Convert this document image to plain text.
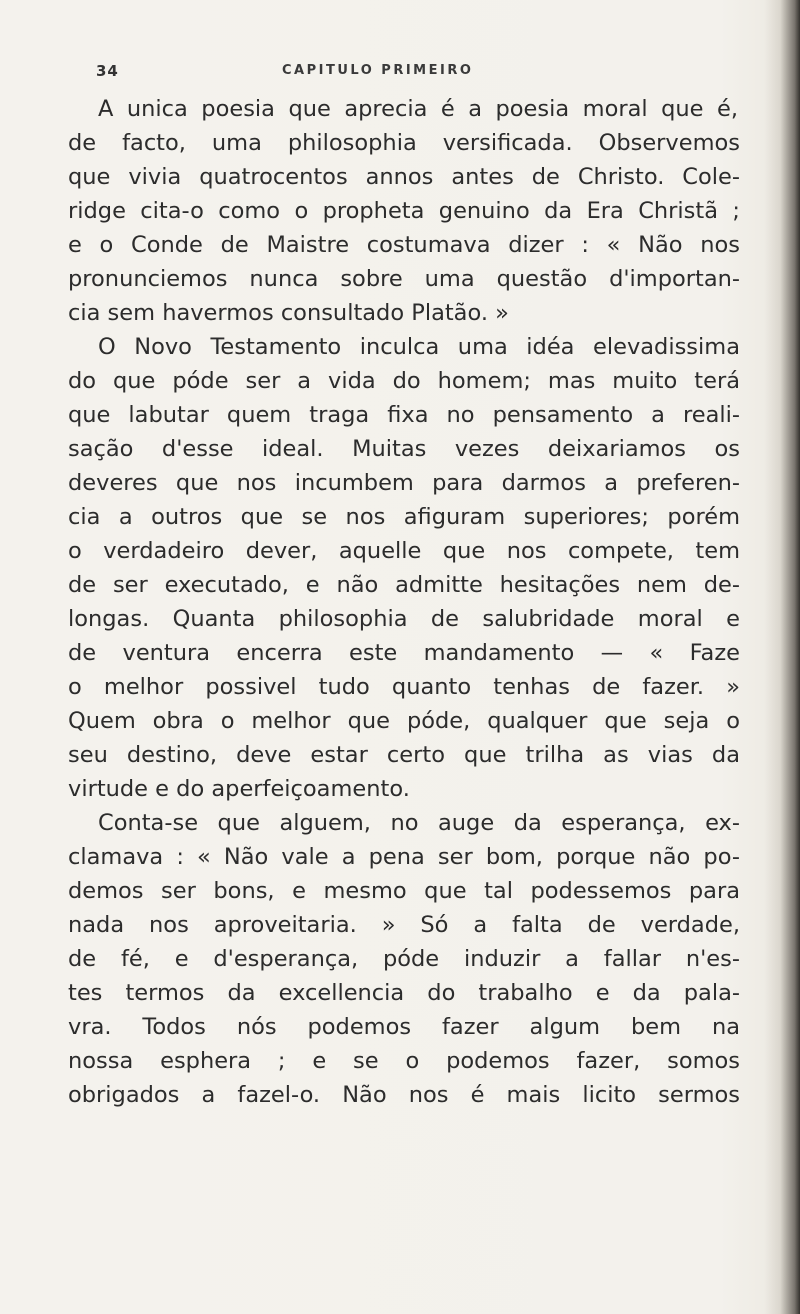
34	CAPITULO PRIMEIRO
A unica poesia que aprecia é a poesia moral que é,
de facto, uma philosophia versificada. Observemos
que vivia quatrocentos annos antes de Christo. Cole-
ridge cita-o como o propheta genuino da Era Christã ;
e o Conde de Maistre costumava dizer : « Não nos
pronunciemos nunca sobre uma questão d'importan-
cia sem havermos consultado Platão. »
O Novo Testamento inculca uma idéa elevadissima
do que póde ser a vida do homem; mas muito terá
que labutar quem traga fixa no pensamento a reali-
sação d'esse ideal. Muitas vezes deixariamos os
deveres que nos incumbem para darmos a preferen-
cia a outros que se nos afiguram superiores; porém
o verdadeiro dever, aquelle que nos compete, tem
de ser executado, e não admitte hesitações nem de-
longas. Quanta philosophia de salubridade moral e
de ventura encerra este mandamento — « Faze
o melhor possivel tudo quanto tenhas de fazer. »
Quem obra o melhor que póde, qualquer que seja o
seu destino, deve estar certo que trilha as vias da
virtude e do aperfeiçoamento.
Conta-se que alguem, no auge da esperança, ex-
clamava : « Não vale a pena ser bom, porque não po-
demos ser bons, e mesmo que tal podessemos para
nada nos aproveitaria. » Só a falta de verdade,
de fé, e d'esperança, póde induzir a fallar n'es-
tes termos da excellencia do trabalho e da pala-
vra. Todos nós podemos fazer algum bem na
nossa esphera ; e se o podemos fazer, somos
obrigados a fazel-o. Não nos é mais licito sermos
